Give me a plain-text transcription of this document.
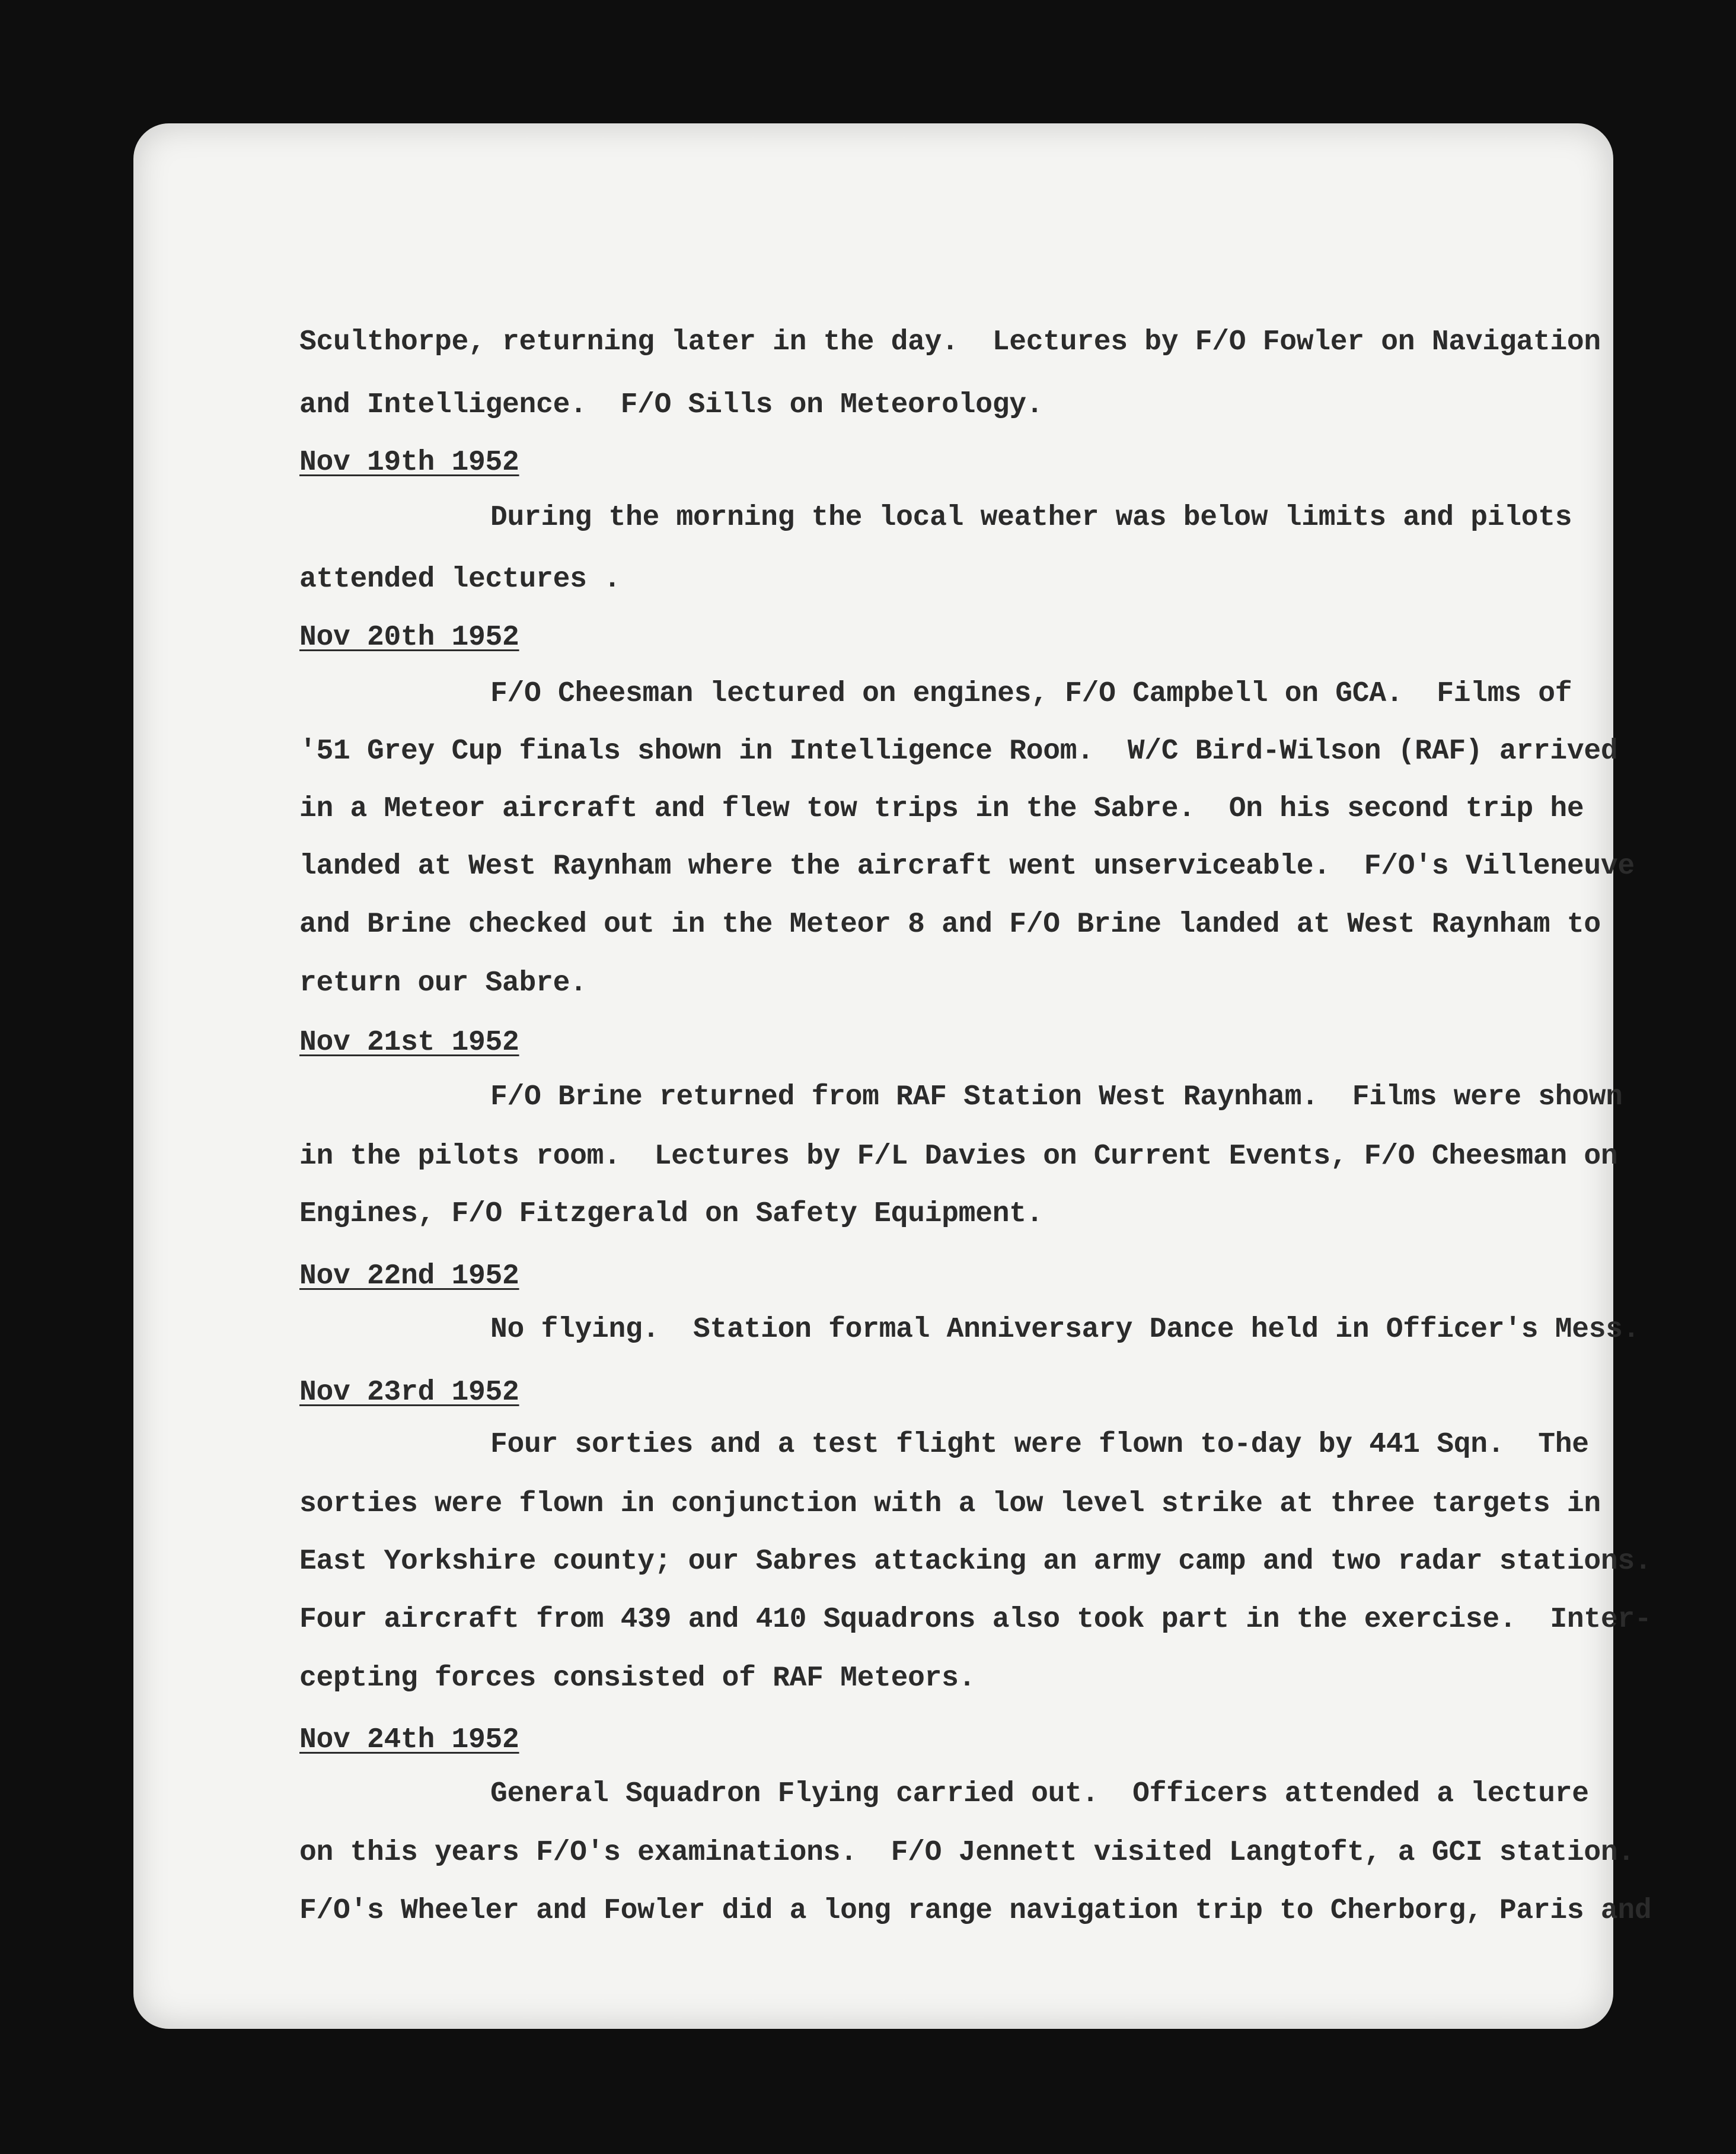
Sculthorpe, returning later in the day.  Lectures by F/O Fowler on Navigation
and Intelligence.  F/O Sills on Meteorology.
Nov 19th 1952
During the morning the local weather was below limits and pilots
attended lectures .
Nov 20th 1952
F/O Cheesman lectured on engines, F/O Campbell on GCA.  Films of
'51 Grey Cup finals shown in Intelligence Room.  W/C Bird-Wilson (RAF) arrived
in a Meteor aircraft and flew tow trips in the Sabre.  On his second trip he
landed at West Raynham where the aircraft went unserviceable.  F/O's Villeneuve
and Brine checked out in the Meteor 8 and F/O Brine landed at West Raynham to
return our Sabre.
Nov 21st 1952
F/O Brine returned from RAF Station West Raynham.  Films were shown
in the pilots room.  Lectures by F/L Davies on Current Events, F/O Cheesman on
Engines, F/O Fitzgerald on Safety Equipment.
Nov 22nd 1952
No flying.  Station formal Anniversary Dance held in Officer's Mess.
Nov 23rd 1952
Four sorties and a test flight were flown to-day by 441 Sqn.  The
sorties were flown in conjunction with a low level strike at three targets in
East Yorkshire county; our Sabres attacking an army camp and two radar stations.
Four aircraft from 439 and 410 Squadrons also took part in the exercise.  Inter-
cepting forces consisted of RAF Meteors.
Nov 24th 1952
General Squadron Flying carried out.  Officers attended a lecture
on this years F/O's examinations.  F/O Jennett visited Langtoft, a GCI station.
F/O's Wheeler and Fowler did a long range navigation trip to Cherborg, Paris and
